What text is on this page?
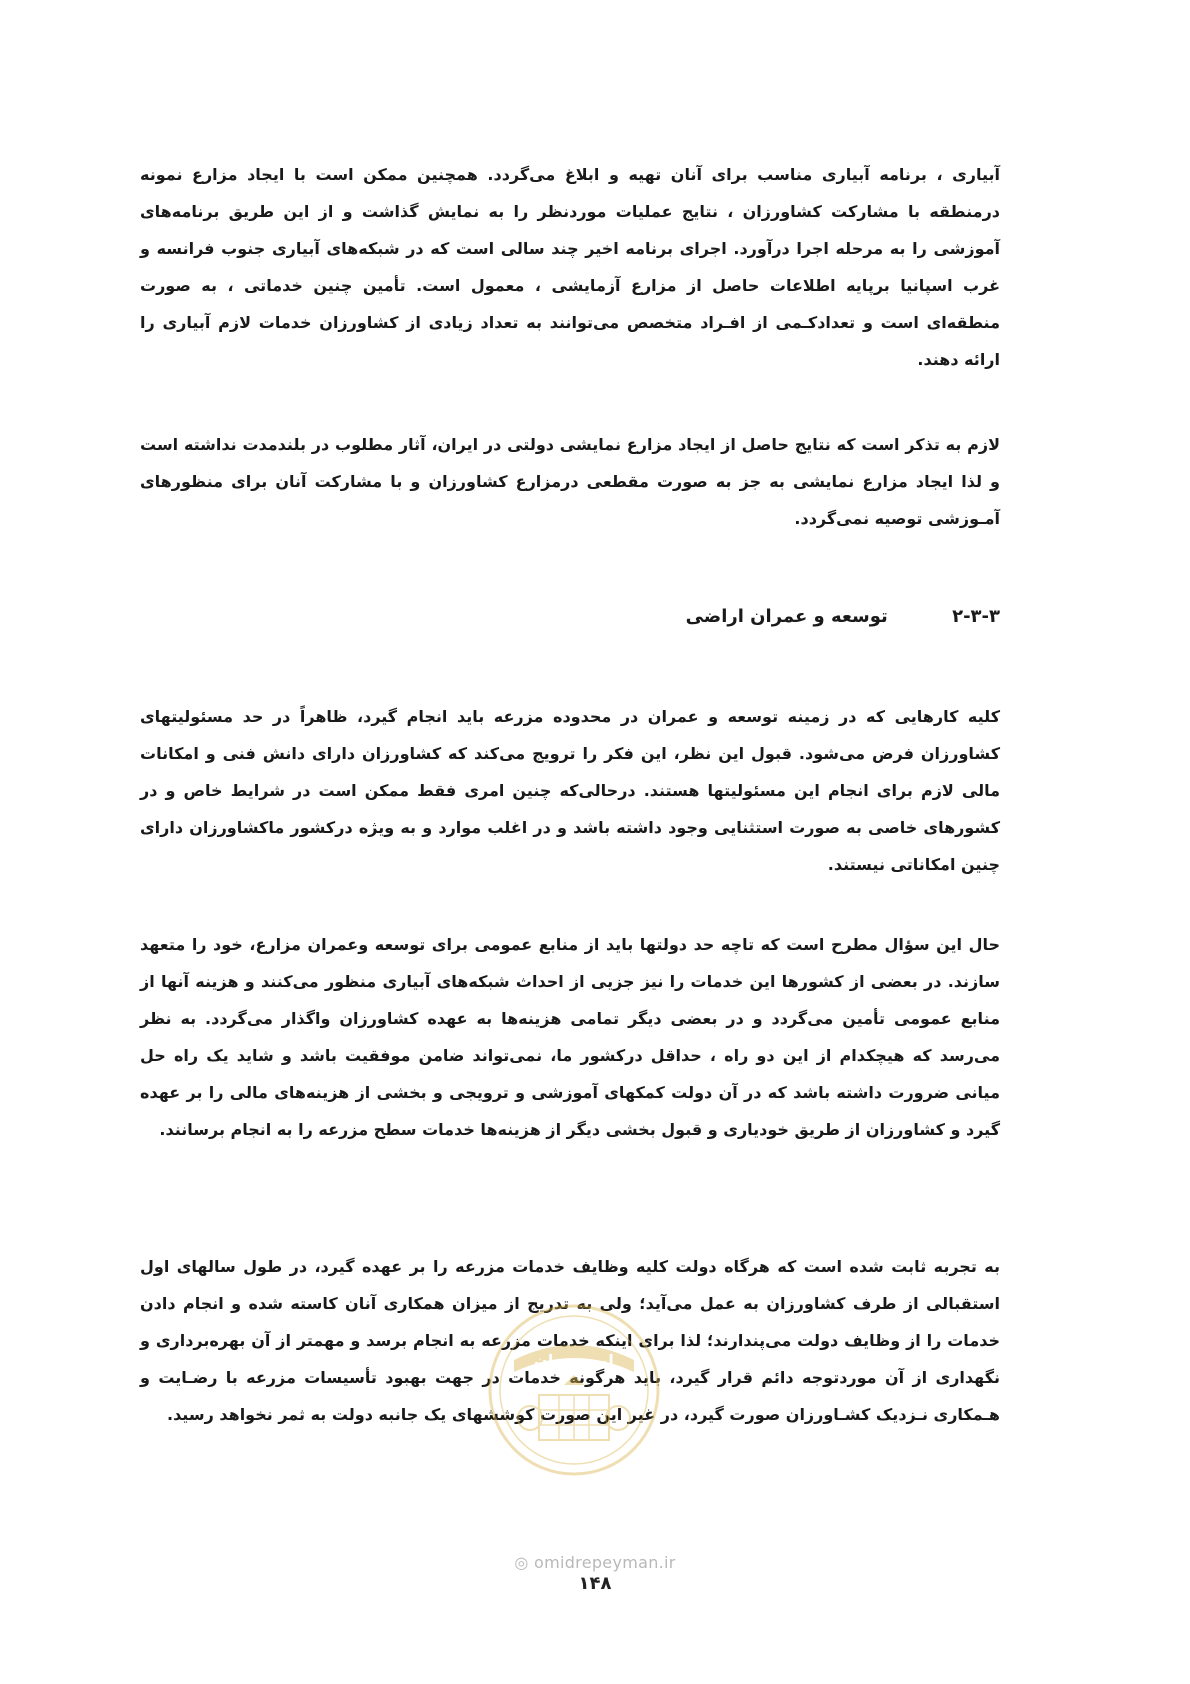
آبیاری ، برنامه آبیاری مناسب برای آنان تهیه و ابلاغ می‌گردد. همچنین ممکن است با ایجاد مزارع نمونه درمنطقه با مشارکت کشاورزان ، نتایج عملیات موردنظر را به نمایش گذاشت و از این طریق برنامه‌های آموزشی را به مرحله اجرا درآورد. اجرای برنامه اخیر چند سالی است که در شبکه‌های آبیاری جنوب فرانسه و غرب اسپانیا برپایه اطلاعات حاصل از مزارع آزمایشی ، معمول است. تأمین چنین خدماتی ، به صورت منطقه‌ای است و تعدادکـمی از افـراد متخصص می‌توانند به تعداد زیادی از کشاورزان خدمات لازم آبیاری را ارائه دهند.

لازم به تذکر است که نتایج حاصل از ایجاد مزارع نمایشی دولتی در ایران، آثار مطلوب در بلندمدت نداشته است و لذا ایجاد مزارع نمایشی به جز به صورت مقطعی درمزارع کشاورزان و با مشارکت آنان برای منظورهای آمـوزشی توصیه نمی‌گردد.

۲-۳-۳ توسعه و عمران اراضی

کلیه کارهایی که در زمینه توسعه و عمران در محدوده مزرعه باید انجام گیرد، ظاهراً در حد مسئولیتهای کشاورزان فرض می‌شود. قبول این نظر، این فکر را ترویج می‌کند که کشاورزان دارای دانش فنی و امکانات مالی لازم برای انجام این مسئولیتها هستند. درحالی‌که چنین امری فقط ممکن است در شرایط خاص و در کشورهای خاصی به صورت استثنایی وجود داشته باشد و در اغلب موارد و به ویژه درکشور ماکشاورزان دارای چنین امکاناتی نیستند.

حال این سؤال مطرح است که تاچه حد دولتها باید از منابع عمومی برای توسعه وعمران مزارع، خود را متعهد سازند. در بعضی از کشورها این خدمات را نیز جزیی از احداث شبکه‌های آبیاری منظور می‌کنند و هزینه آنها از منابع عمومی تأمین می‌گردد و در بعضی دیگر تمامی هزینه‌ها به عهده کشاورزان واگذار می‌گردد. به نظر می‌رسد که هیچکدام از این دو راه ، حداقل درکشور ما، نمی‌تواند ضامن موفقیت باشد و شاید یک راه حل میانی ضرورت داشته باشد که در آن دولت کمکهای آموزشی و ترویجی و بخشی از هزینه‌های مالی را بر عهده گیرد و کشاورزان از طریق خودیاری و قبول بخشی دیگر از هزینه‌ها خدمات سطح مزرعه را به انجام برسانند.

به تجربه ثابت شده است که هرگاه دولت کلیه وظایف خدمات مزرعه را بر عهده گیرد، در طول سالهای اول استقبالی از طرف کشاورزان به عمل می‌آید؛ ولی به تدریج از میزان همکاری آنان کاسته شده و انجام دادن خدمات را از وظایف دولت می‌پندارند؛ لذا برای اینکه خدمات مزرعه به انجام برسد و مهمتر از آن بهره‌برداری و نگهداری از آن موردتوجه دائم قرار گیرد، باید هرگونه خدمات در جهت بهبود تأسیسات مزرعه با رضـایت و هـمکاری نـزدیک کشـاورزان صورت گیرد، در غیر این صورت کوششهای یک جانبه دولت به ثمر نخواهد رسید.

امید پیمان
◎ omidrepeyman.ir
۱۴۸
